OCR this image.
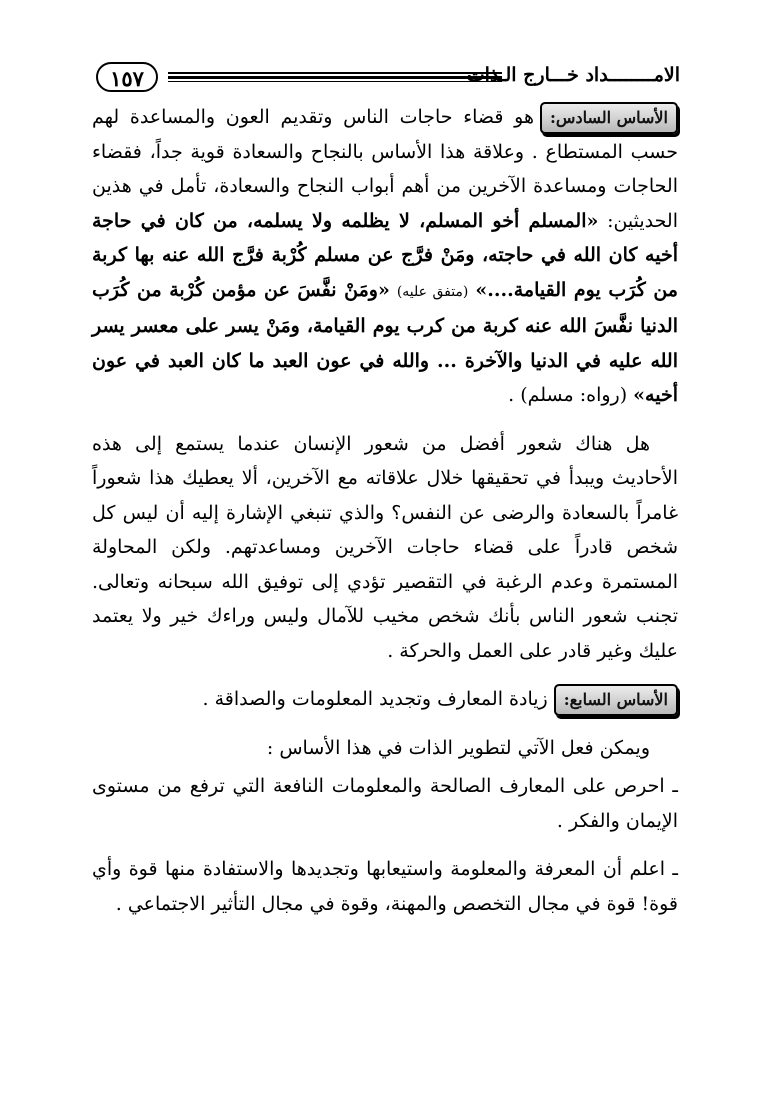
١٥٧	الامــــــــداد خـــارج الـذات

الأساس السادس:هو قضاء حاجات الناس وتقديم العون والمساعدة لهم حسب المستطاع . وعلاقة هذا الأساس بالنجاح والسعادة قوية جداً، فقضاء الحاجات ومساعدة الآخرين من أهم أبواب النجاح والسعادة، تأمل في هذين الحديثين: «المسلم أخو المسلم، لا يظلمه ولا يسلمه، من كان في حاجة أخيه كان الله في حاجته، ومَنْ فرَّج عن مسلم كُرْبة فرَّج الله عنه بها كربة من كُرَب يوم القيامة....» (متفق عليه) «ومَنْ نفَّسَ عن مؤمن كُرْبة من كُرَب الدنيا نفَّسَ الله عنه كربة من كرب يوم القيامة، ومَنْ يسر على معسر يسر الله عليه في الدنيا والآخرة ... والله في عون العبد ما كان العبد في عون أخيه» (رواه: مسلم) .

هل هناك شعور أفضل من شعور الإنسان عندما يستمع إلى هذه الأحاديث ويبدأ في تحقيقها خلال علاقاته مع الآخرين، ألا يعطيك هذا شعوراً غامراً بالسعادة والرضى عن النفس؟ والذي تنبغي الإشارة إليه أن ليس كل شخص قادراً على قضاء حاجات الآخرين ومساعدتهم. ولكن المحاولة المستمرة وعدم الرغبة في التقصير تؤدي إلى توفيق الله سبحانه وتعالى. تجنب شعور الناس بأنك شخص مخيب للآمال وليس وراءك خير ولا يعتمد عليك وغير قادر على العمل والحركة .

الأساس السابع:زيادة المعارف وتجديد المعلومات والصداقة .

ويمكن فعل الآتي لتطوير الذات في هذا الأساس :

ـ احرص على المعارف الصالحة والمعلومات النافعة التي ترفع من مستوى الإيمان والفكر .

ـ اعلم أن المعرفة والمعلومة واستيعابها وتجديدها والاستفادة منها قوة وأي قوة! قوة في مجال التخصص والمهنة، وقوة في مجال التأثير الاجتماعي .
